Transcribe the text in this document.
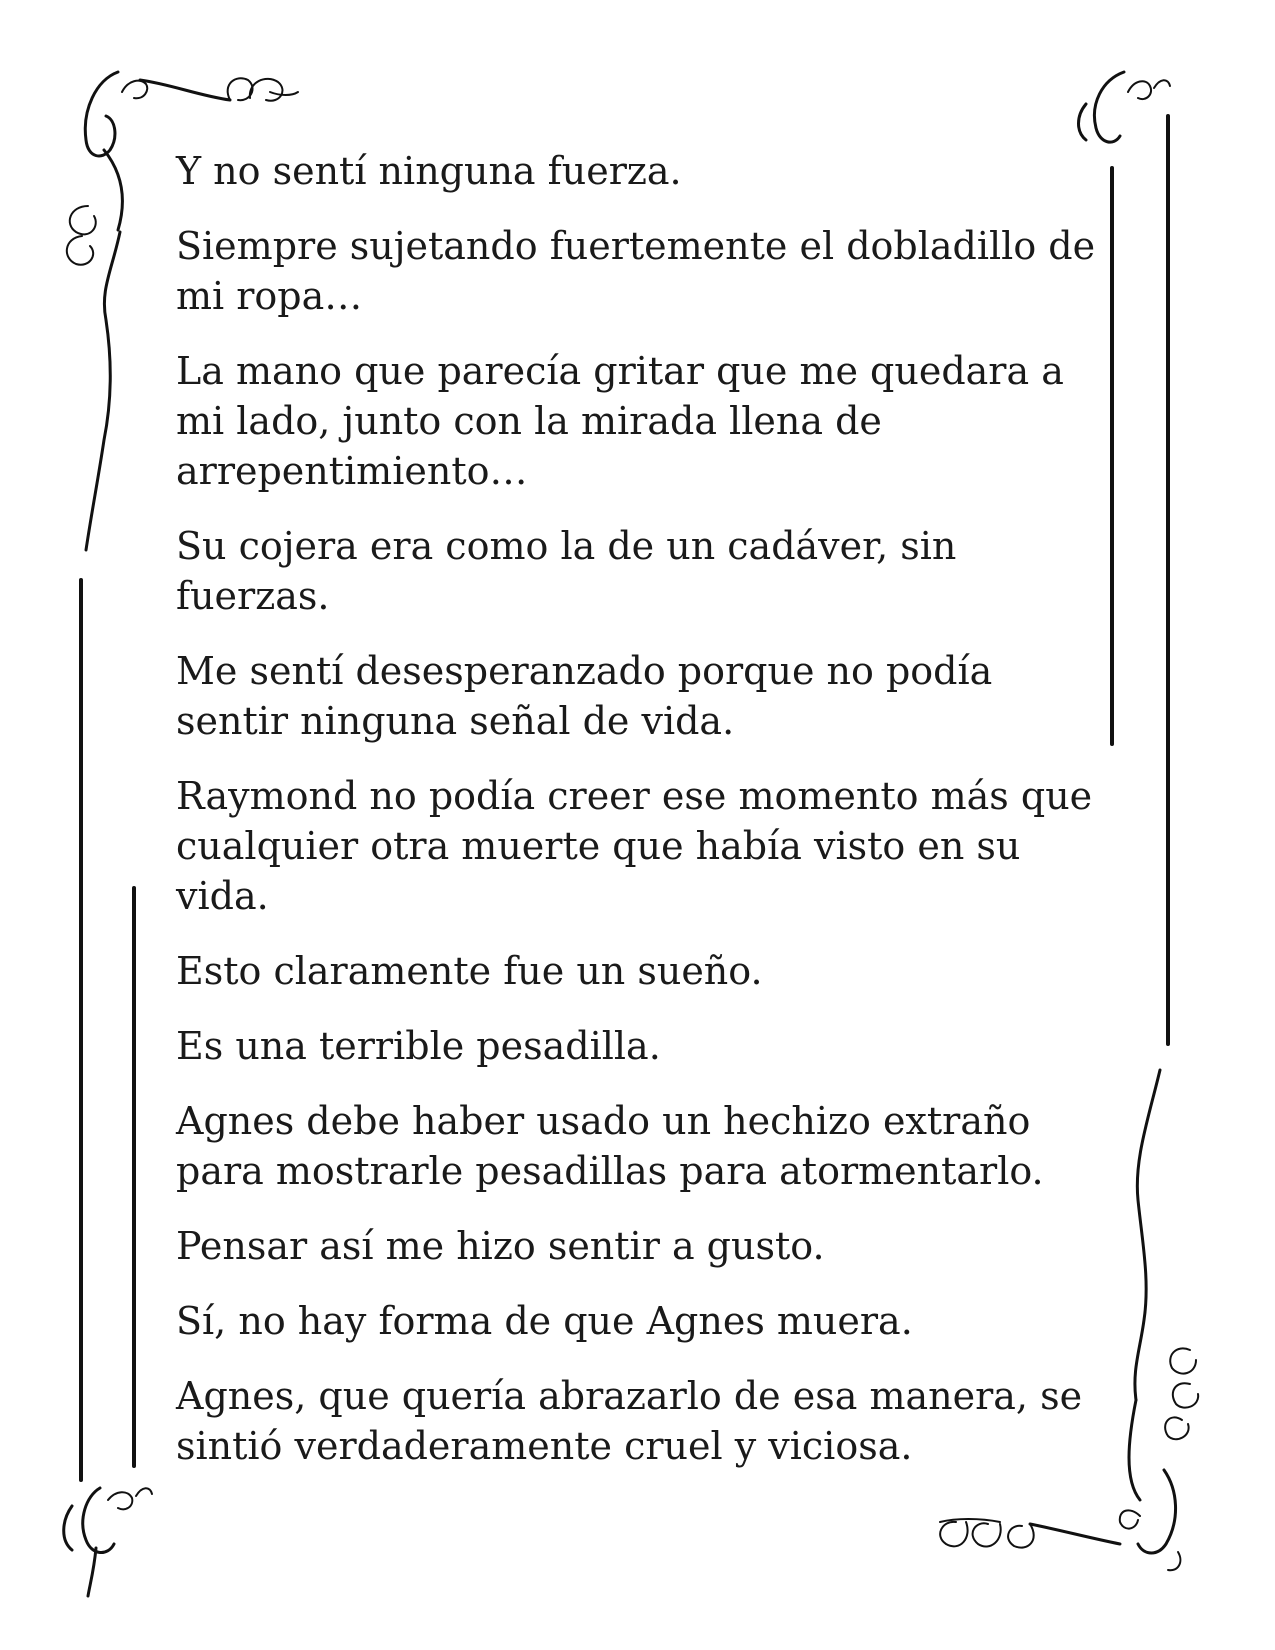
Y no sentí ninguna fuerza.

Siempre sujetando fuertemente el dobladillo de mi ropa…

La mano que parecía gritar que me quedara a mi lado, junto con la mirada llena de arrepentimiento…

Su cojera era como la de un cadáver, sin fuerzas.

Me sentí desesperanzado porque no podía sentir ninguna señal de vida.

Raymond no podía creer ese momento más que cualquier otra muerte que había visto en su vida.

Esto claramente fue un sueño.

Es una terrible pesadilla.

Agnes debe haber usado un hechizo extraño para mostrarle pesadillas para atormentarlo.

Pensar así me hizo sentir a gusto.

Sí, no hay forma de que Agnes muera.

Agnes, que quería abrazarlo de esa manera, se sintió verdaderamente cruel y viciosa.
